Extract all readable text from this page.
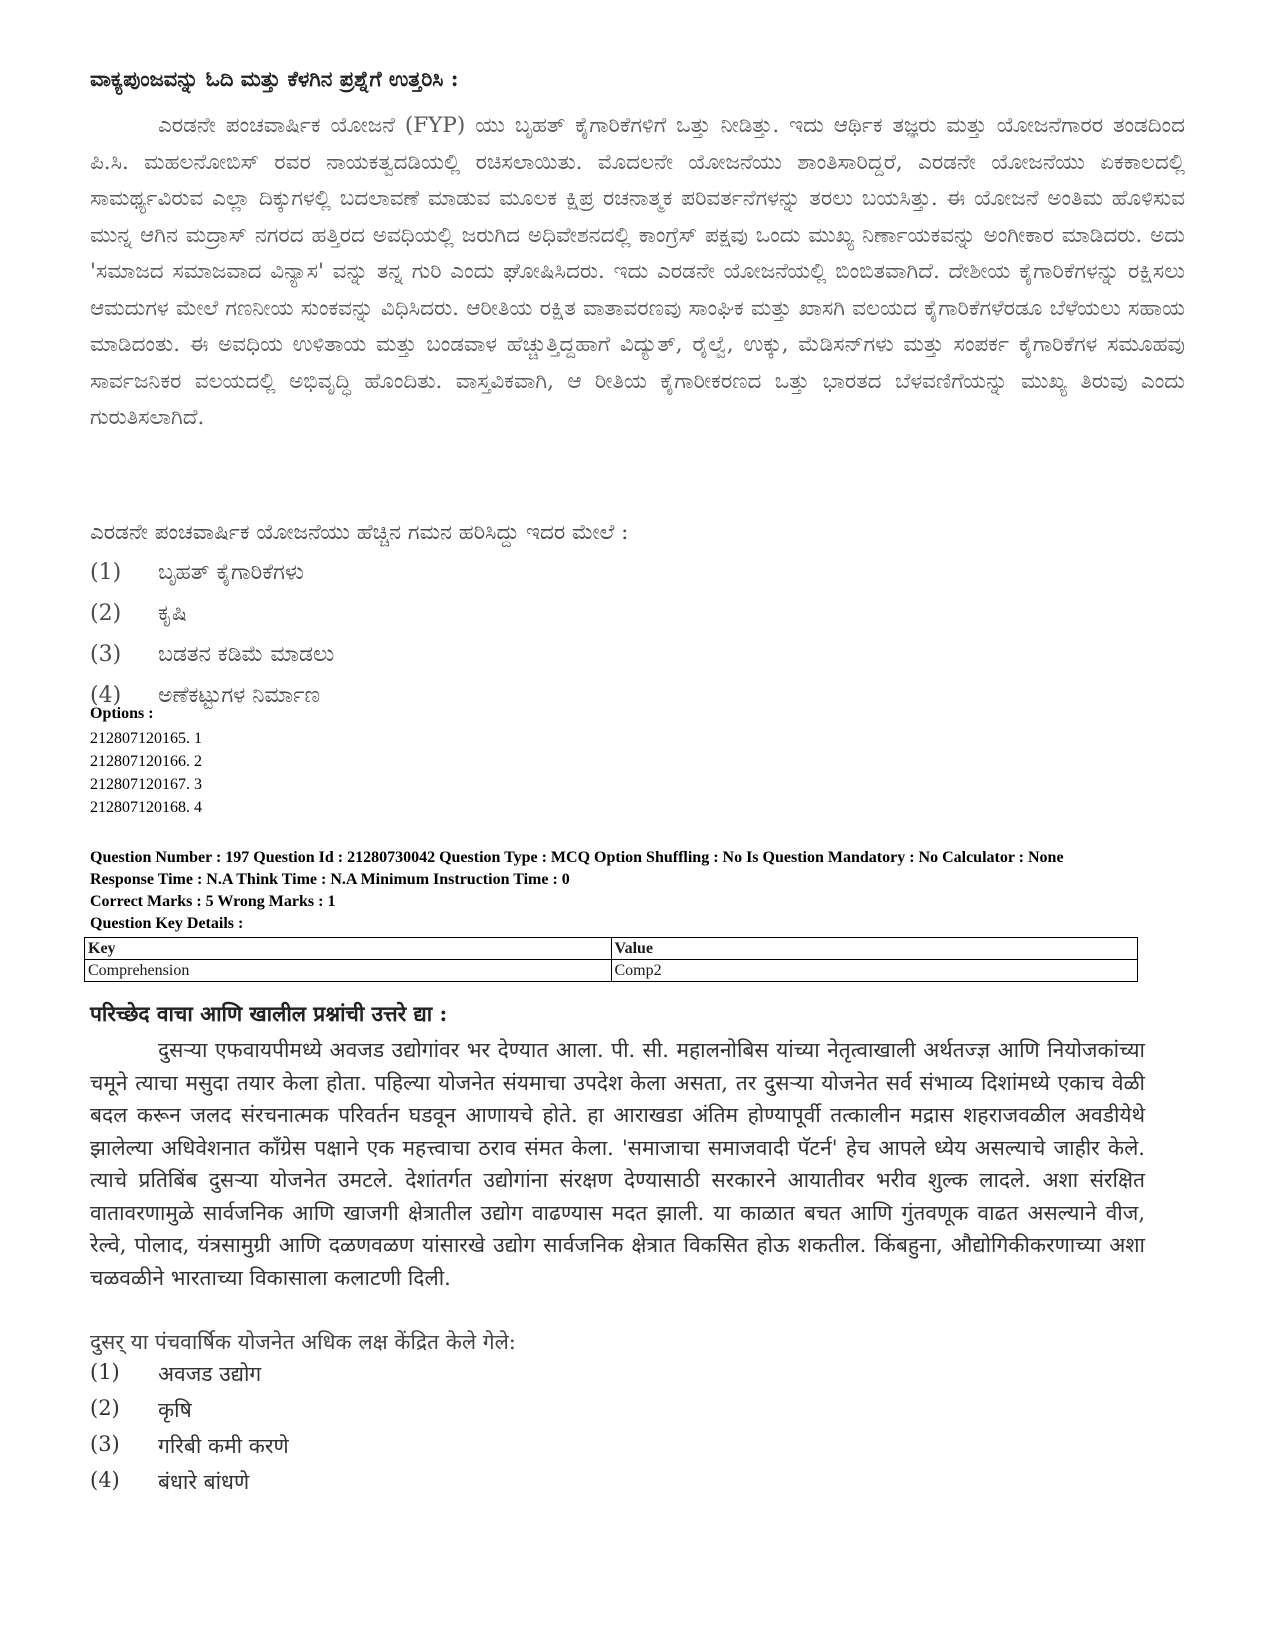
ವಾಕ್ಯಪುಂಜವನ್ನು ಓದಿ ಮತ್ತು ಕೆಳಗಿನ ಪ್ರಶ್ನೆಗೆ ಉತ್ತರಿಸಿ :
ಎರಡನೇ ಪಂಚವಾರ್ಷಿಕ ಯೋಜನೆ (FYP) ಯು ಬೃಹತ್ ಕೈಗಾರಿಕೆಗಳಿಗೆ ಒತ್ತು ನೀಡಿತ್ತು. ಇದು ಆರ್ಥಿಕ ತಜ್ಞರು ಮತ್ತು ಯೋಜನೆಗಾರರ ತಂಡದಿಂದ ಪಿ.ಸಿ. ಮಹಲನೋಬಿಸ್ ರವರ ನಾಯಕತ್ವದಡಿಯಲ್ಲಿ ರಚಿಸಲಾಯಿತು. ಮೊದಲನೇ ಯೋಜನೆಯು ಶಾಂತಿಸಾರಿದ್ದರೆ, ಎರಡನೇ ಯೋಜನೆಯು ಏಕಕಾಲದಲ್ಲಿ ಸಾಮರ್ಥ್ಯವಿರುವ ಎಲ್ಲಾ ದಿಕ್ಕುಗಳಲ್ಲಿ ಬದಲಾವಣೆ ಮಾಡುವ ಮೂಲಕ ಕ್ಷಿಪ್ರ ರಚನಾತ್ಮಕ ಪರಿವರ್ತನೆಗಳನ್ನು ತರಲು ಬಯಸಿತ್ತು. ಈ ಯೋಜನೆ ಅಂತಿಮ ಹೊಳಿಸುವ ಮುನ್ನ ಆಗಿನ ಮದ್ರಾಸ್ ನಗರದ ಹತ್ತಿರದ ಅವಧಿಯಲ್ಲಿ ಜರುಗಿದ ಅಧಿವೇಶನದಲ್ಲಿ ಕಾಂಗ್ರೆಸ್ ಪಕ್ಷವು ಒಂದು ಮುಖ್ಯ ನಿರ್ಣಾಯಕವನ್ನು ಅಂಗೀಕಾರ ಮಾಡಿದರು. ಅದು 'ಸಮಾಜದ ಸಮಾಜವಾದ ವಿನ್ಯಾಸ' ವನ್ನು ತನ್ನ ಗುರಿ ಎಂದು ಘೋಷಿಸಿದರು. ಇದು ಎರಡನೇ ಯೋಜನೆಯಲ್ಲಿ ಬಿಂಬಿತವಾಗಿದೆ. ದೇಶೀಯ ಕೈಗಾರಿಕೆಗಳನ್ನು ರಕ್ಷಿಸಲು ಆಮದುಗಳ ಮೇಲೆ ಗಣನೀಯ ಸುಂಕವನ್ನು ವಿಧಿಸಿದರು. ಆರೀತಿಯ ರಕ್ಷಿತ ವಾತಾವರಣವು ಸಾಂಘಿಕ ಮತ್ತು ಖಾಸಗಿ ವಲಯದ ಕೈಗಾರಿಕೆಗಳೆರಡೂ ಬೆಳೆಯಲು ಸಹಾಯ ಮಾಡಿದಂತು. ಈ ಅವಧಿಯ ಉಳಿತಾಯ ಮತ್ತು ಬಂಡವಾಳ ಹೆಚ್ಚುತ್ತಿದ್ದಹಾಗೆ ವಿದ್ಯುತ್, ರೈಲ್ವೆ, ಉಕ್ಕು, ಮೆಡಿಸನ್‌ಗಳು ಮತ್ತು ಸಂಪರ್ಕ ಕೈಗಾರಿಕೆಗಳ ಸಮೂಹವು ಸಾರ್ವಜನಿಕರ ವಲಯದಲ್ಲಿ ಅಭಿವೃದ್ಧಿ ಹೊಂದಿತು. ವಾಸ್ತವಿಕವಾಗಿ, ಆ ರೀತಿಯ ಕೈಗಾರೀಕರಣದ ಒತ್ತು ಭಾರತದ ಬೆಳವಣಿಗೆಯನ್ನು ಮುಖ್ಯ ತಿರುವು ಎಂದು ಗುರುತಿಸಲಾಗಿದೆ.
ಎರಡನೇ ಪಂಚವಾರ್ಷಿಕ ಯೋಜನೆಯು ಹೆಚ್ಚಿನ ಗಮನ ಹರಿಸಿದ್ದು ಇದರ ಮೇಲೆ :
(1)	ಬೃಹತ್ ಕೈಗಾರಿಕೆಗಳು
(2)	ಕೃಷಿ
(3)	ಬಡತನ ಕಡಿಮೆ ಮಾಡಲು
(4)	ಅಣೆಕಟ್ಟುಗಳ ನಿರ್ಮಾಣ
Options :
212807120165. 1
212807120166. 2
212807120167. 3
212807120168. 4
Question Number : 197 Question Id : 21280730042 Question Type : MCQ Option Shuffling : No Is Question Mandatory : No Calculator : None
Response Time : N.A Think Time : N.A Minimum Instruction Time : 0
Correct Marks : 5 Wrong Marks : 1
Question Key Details :
Key	Value
Comprehension	Comp2
परिच्छेद वाचा आणि खालील प्रश्नांची उत्तरे द्या :
दुसऱ्या एफवायपीमध्ये अवजड उद्योगांवर भर देण्यात आला. पी. सी. महालनोबिस यांच्या नेतृत्वाखाली अर्थतज्ज्ञ आणि नियोजकांच्या चमूने त्याचा मसुदा तयार केला होता. पहिल्या योजनेत संयमाचा उपदेश केला असता, तर दुसऱ्या योजनेत सर्व संभाव्य दिशांमध्ये एकाच वेळी बदल करून जलद संरचनात्मक परिवर्तन घडवून आणायचे होते. हा आराखडा अंतिम होण्यापूर्वी तत्कालीन मद्रास शहराजवळील अवडीयेथे झालेल्या अधिवेशनात काँग्रेस पक्षाने एक महत्त्वाचा ठराव संमत केला. 'समाजाचा समाजवादी पॅटर्न' हेच आपले ध्येय असल्याचे जाहीर केले. त्याचे प्रतिबिंब दुसऱ्या योजनेत उमटले. देशांतर्गत उद्योगांना संरक्षण देण्यासाठी सरकारने आयातीवर भरीव शुल्क लादले. अशा संरक्षित वातावरणामुळे सार्वजनिक आणि खाजगी क्षेत्रातील उद्योग वाढण्यास मदत झाली. या काळात बचत आणि गुंतवणूक वाढत असल्याने वीज, रेल्वे, पोलाद, यंत्रसामुग्री आणि दळणवळण यांसारखे उद्योग सार्वजनिक क्षेत्रात विकसित होऊ शकतील. किंबहुना, औद्योगिकीकरणाच्या अशा चळवळीने भारताच्या विकासाला कलाटणी दिली.
दुसर् या पंचवार्षिक योजनेत अधिक लक्ष केंद्रित केले गेले:
(1)	अवजड उद्योग
(2)	कृषि
(3)	गरिबी कमी करणे
(4)	बंधारे बांधणे
